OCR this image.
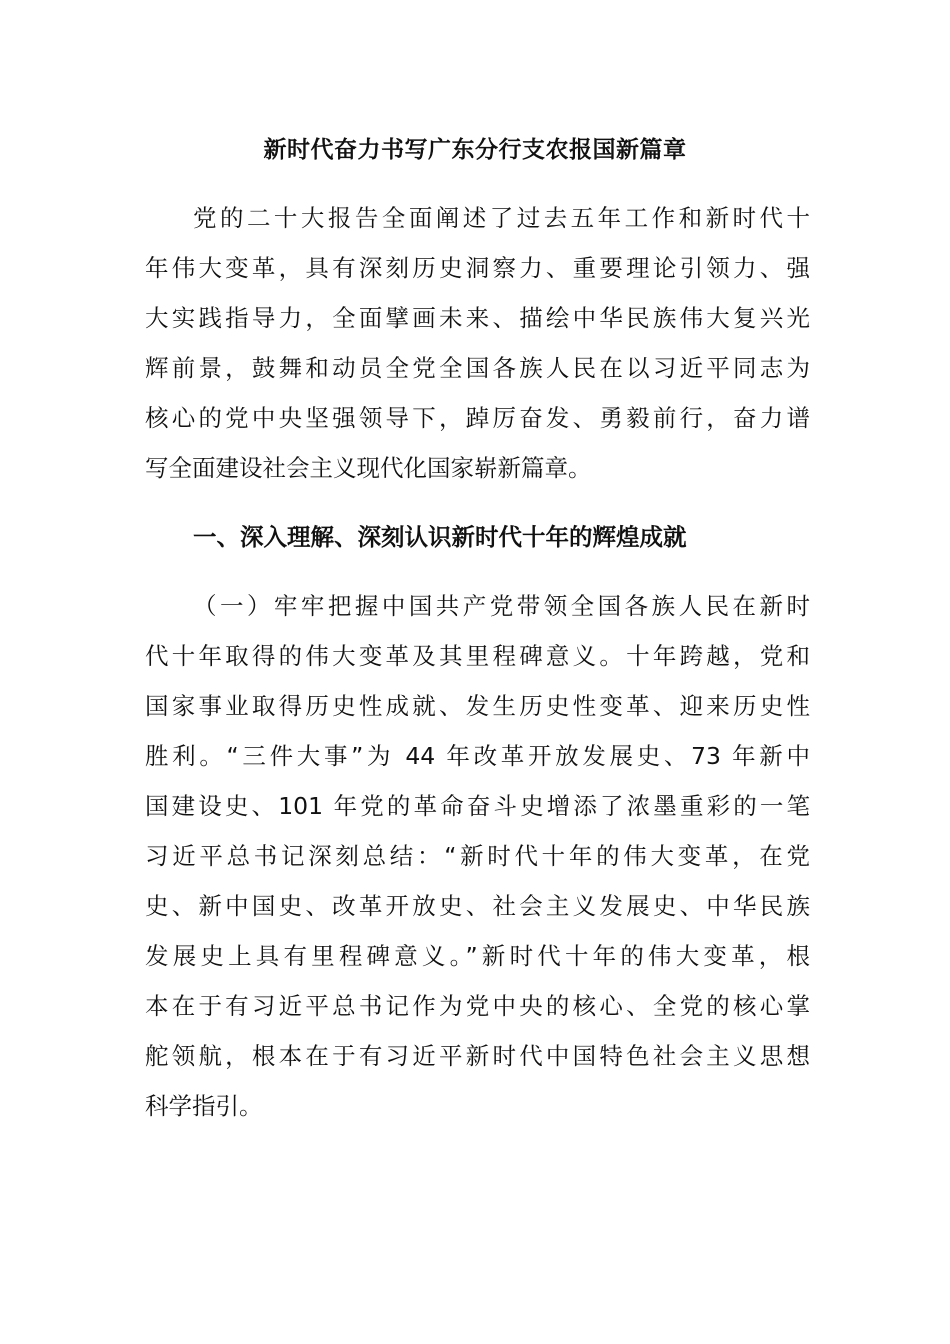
新时代奋力书写广东分行支农报国新篇章
党的二十大报告全面阐述了过去五年工作和新时代十
年伟大变革，具有深刻历史洞察力、重要理论引领力、强
大实践指导力，全面擘画未来、描绘中华民族伟大复兴光
辉前景，鼓舞和动员全党全国各族人民在以习近平同志为
核心的党中央坚强领导下，踔厉奋发、勇毅前行，奋力谱
写全面建设社会主义现代化国家崭新篇章。
一、深入理解、深刻认识新时代十年的辉煌成就
（一）牢牢把握中国共产党带领全国各族人民在新时
代十年取得的伟大变革及其里程碑意义。十年跨越，党和
国家事业取得历史性成就、发生历史性变革、迎来历史性
胜利。“三件大事”为 44 年改革开放发展史、73 年新中
国建设史、101 年党的革命奋斗史增添了浓墨重彩的一笔
习近平总书记深刻总结：“新时代十年的伟大变革，在党
史、新中国史、改革开放史、社会主义发展史、中华民族
发展史上具有里程碑意义。”新时代十年的伟大变革，根
本在于有习近平总书记作为党中央的核心、全党的核心掌
舵领航，根本在于有习近平新时代中国特色社会主义思想
科学指引。
